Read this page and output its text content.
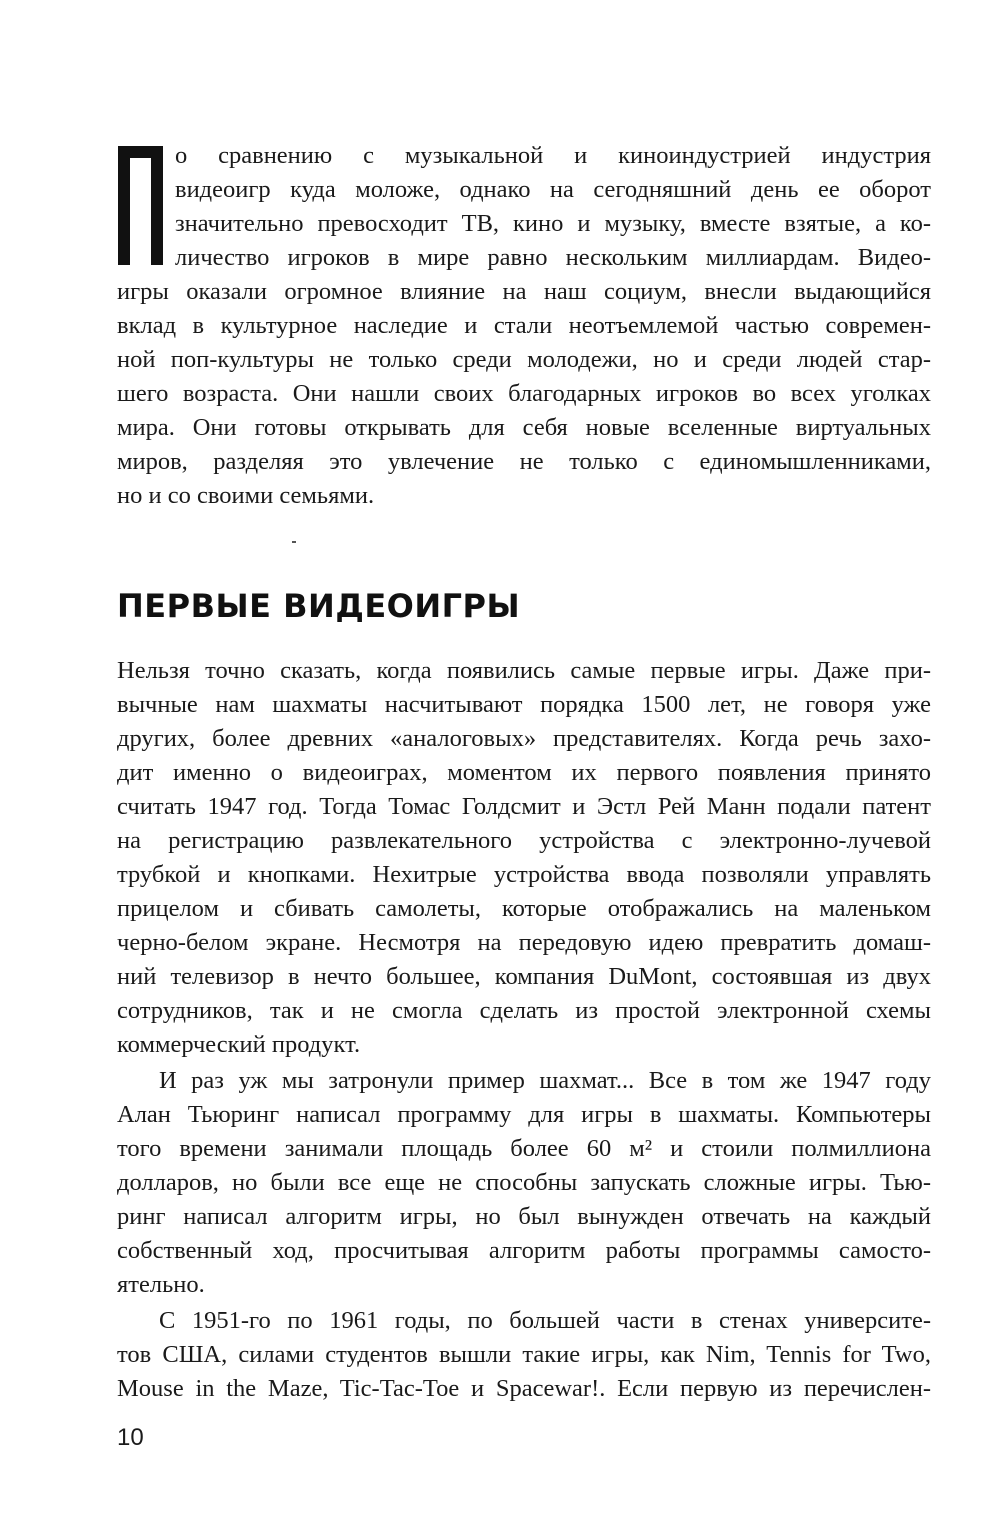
о сравнению с музыкальной и киноиндустрией индустрия

видеоигр куда моложе, однако на сегодняшний день ее оборот

значительно превосходит ТВ, кино и музыку, вместе взятые, а ко-

личество игроков в мире равно нескольким миллиардам. Видео-

игры оказали огромное влияние на наш социум, внесли выдающийся

вклад в культурное наследие и стали неотъемлемой частью современ-

ной поп-культуры не только среди молодежи, но и среди людей стар-

шего возраста. Они нашли своих благодарных игроков во всех уголках

мира. Они готовы открывать для себя новые вселенные виртуальных

миров, разделяя это увлечение не только с единомышленниками,

но и со своими семьями.

ПЕРВЫЕ ВИДЕОИГРЫ

Нельзя точно сказать, когда появились самые первые игры. Даже при-

вычные нам шахматы насчитывают порядка 1500 лет, не говоря уже

других, более древних «аналоговых» представителях. Когда речь захо-

дит именно о видеоиграх, моментом их первого появления принято

считать 1947 год. Тогда Томас Голдсмит и Эстл Рей Манн подали патент

на регистрацию развлекательного устройства с электронно-лучевой

трубкой и кнопками. Нехитрые устройства ввода позволяли управлять

прицелом и сбивать самолеты, которые отображались на маленьком

черно-белом экране. Несмотря на передовую идею превратить домаш-

ний телевизор в нечто большее, компания DuMont, состоявшая из двух

сотрудников, так и не смогла сделать из простой электронной схемы

коммерческий продукт.

И раз уж мы затронули пример шахмат... Все в том же 1947 году

Алан Тьюринг написал программу для игры в шахматы. Компьютеры

того времени занимали площадь более 60 м² и стоили полмиллиона

долларов, но были все еще не способны запускать сложные игры. Тью-

ринг написал алгоритм игры, но был вынужден отвечать на каждый

собственный ход, просчитывая алгоритм работы программы самосто-

ятельно.

С 1951-го по 1961 годы, по большей части в стенах университе-

тов США, силами студентов вышли такие игры, как Nim, Tennis for Two,

Mouse in the Maze, Tic-Tac-Toe и Spacewar!. Если первую из перечислен-

10
